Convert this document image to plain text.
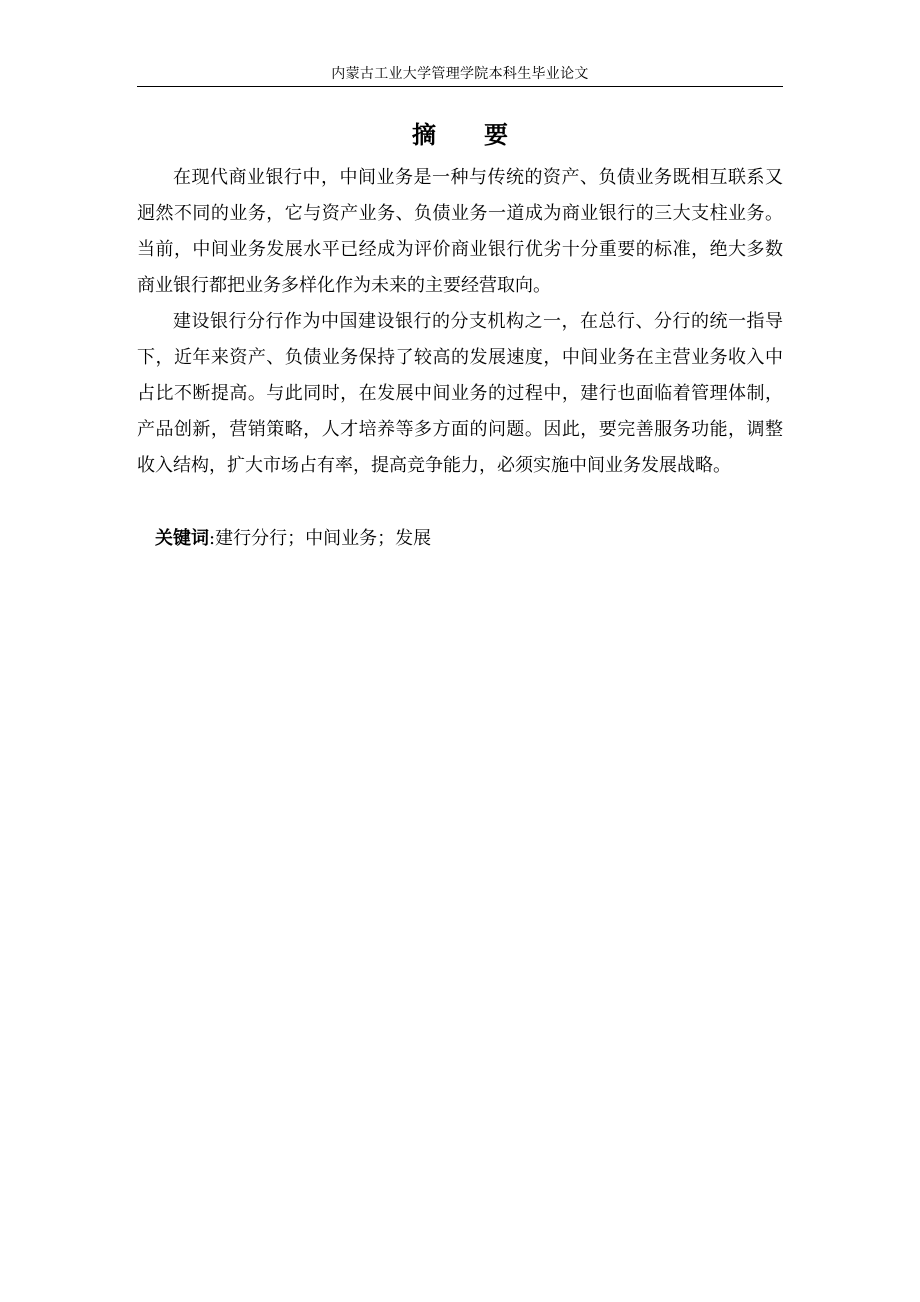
内蒙古工业大学管理学院本科生毕业论文
摘要

在现代商业银行中，中间业务是一种与传统的资产、负债业务既相互联系又迥然不同的业务，它与资产业务、负债业务一道成为商业银行的三大支柱业务。当前，中间业务发展水平已经成为评价商业银行优劣十分重要的标准，绝大多数商业银行都把业务多样化作为未来的主要经营取向。

建设银行分行作为中国建设银行的分支机构之一，在总行、分行的统一指导下，近年来资产、负债业务保持了较高的发展速度，中间业务在主营业务收入中占比不断提高。与此同时，在发展中间业务的过程中，建行也面临着管理体制，产品创新，营销策略，人才培养等多方面的问题。因此，要完善服务功能，调整收入结构，扩大市场占有率，提高竞争能力，必须实施中间业务发展战略。

关键词:建行分行；中间业务；发展
